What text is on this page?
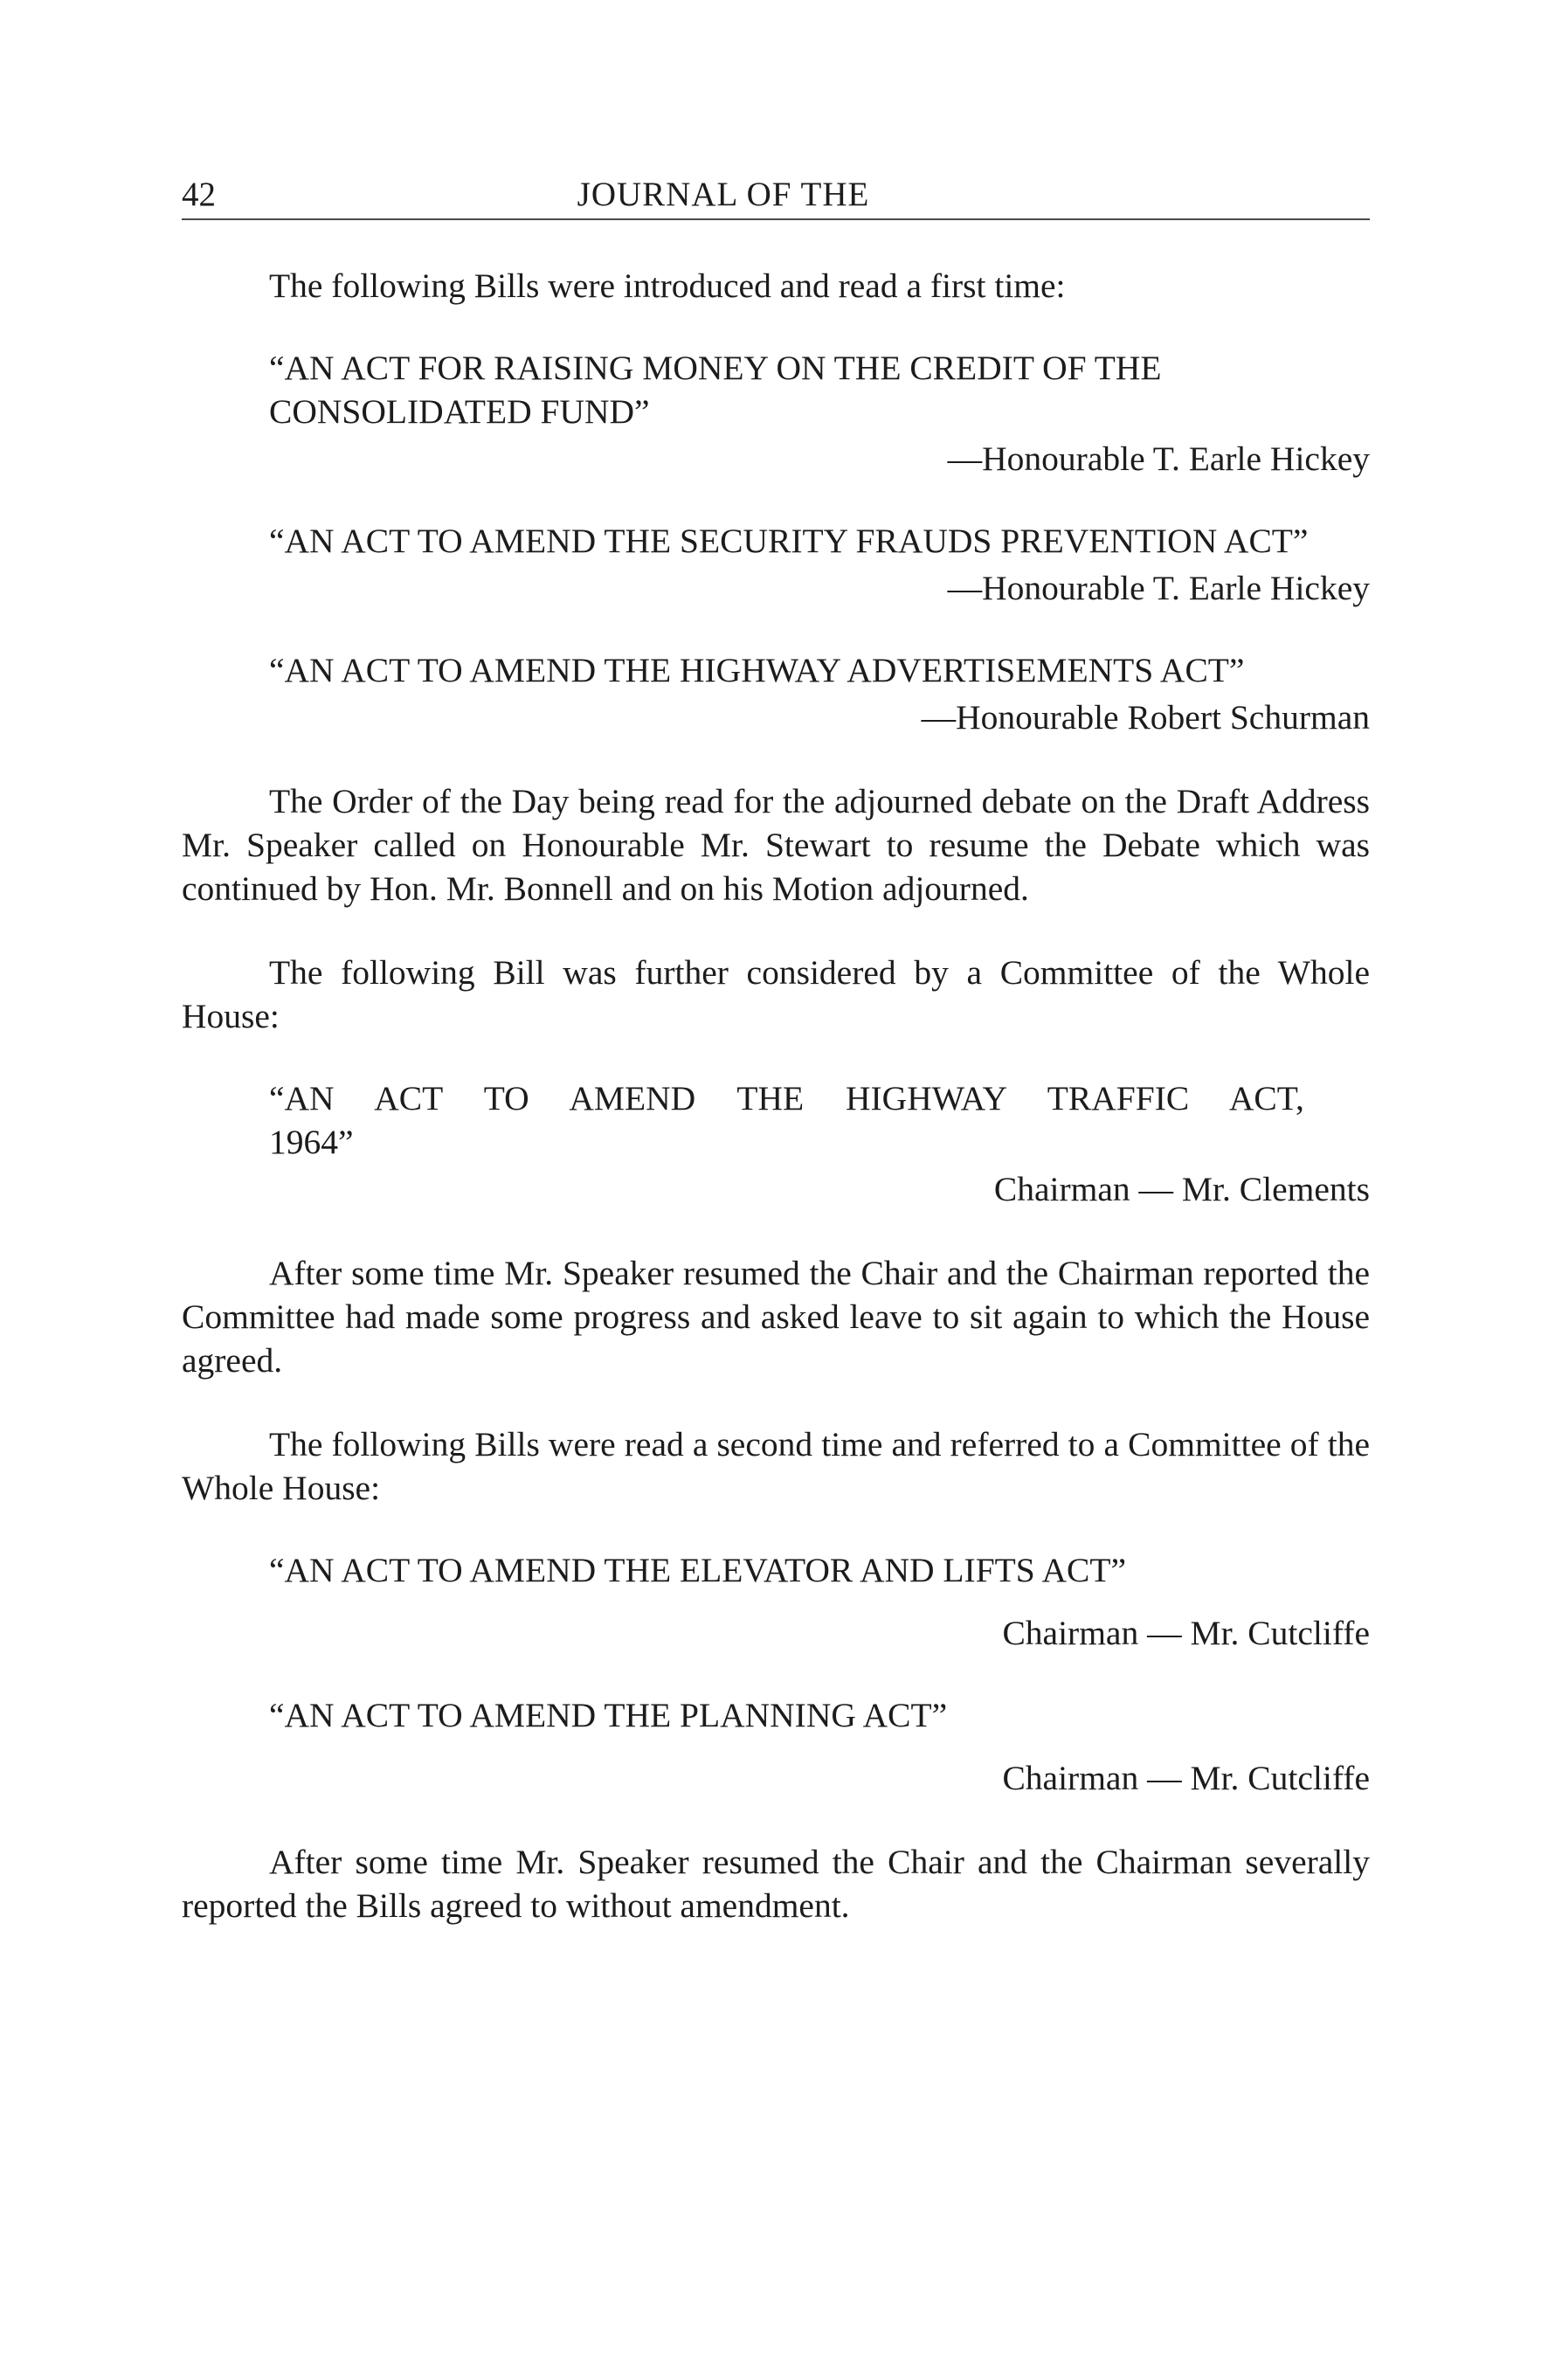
42	JOURNAL OF THE

The following Bills were introduced and read a first time:

“AN ACT FOR RAISING MONEY ON THE CREDIT OF THE CONSOLIDATED FUND”

—Honourable T. Earle Hickey

“AN ACT TO AMEND THE SECURITY FRAUDS PREVENTION ACT”

—Honourable T. Earle Hickey

“AN ACT TO AMEND THE HIGHWAY ADVERTISEMENTS ACT”

—Honourable Robert Schurman

The Order of the Day being read for the adjourned debate on the Draft Address Mr. Speaker called on Honourable Mr. Stewart to resume the Debate which was continued by Hon. Mr. Bonnell and on his Motion adjourned.

The following Bill was further considered by a Committee of the Whole House:

“AN ACT TO AMEND THE HIGHWAY TRAFFIC ACT, 1964”

Chairman — Mr. Clements

After some time Mr. Speaker resumed the Chair and the Chairman reported the Committee had made some progress and asked leave to sit again to which the House agreed.

The following Bills were read a second time and referred to a Committee of the Whole House:

“AN ACT TO AMEND THE ELEVATOR AND LIFTS ACT”

Chairman — Mr. Cutcliffe

“AN ACT TO AMEND THE PLANNING ACT”

Chairman — Mr. Cutcliffe

After some time Mr. Speaker resumed the Chair and the Chairman severally reported the Bills agreed to without amendment.
